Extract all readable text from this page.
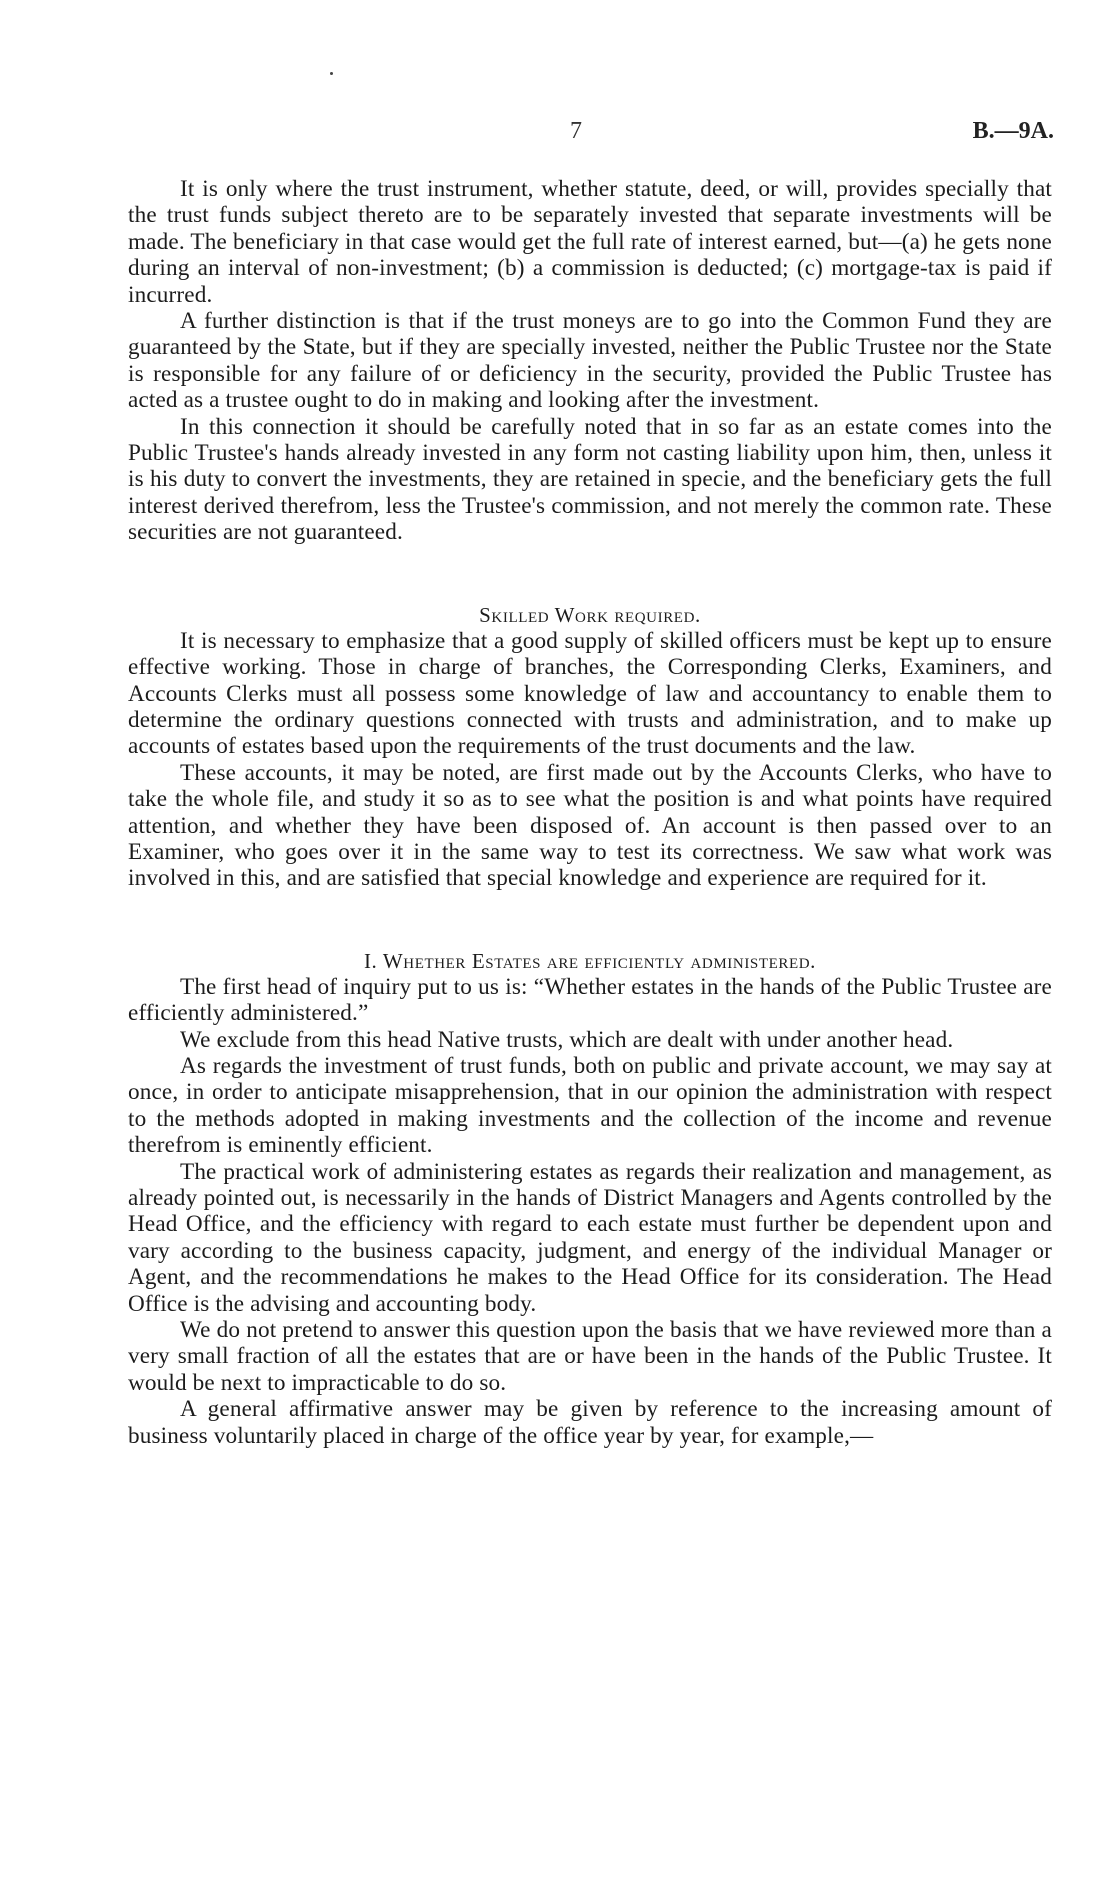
7	B.—9A.

It is only where the trust instrument, whether statute, deed, or will, provides specially that the trust funds subject thereto are to be separately invested that separate investments will be made. The beneficiary in that case would get the full rate of interest earned, but—(a) he gets none during an interval of non-investment; (b) a commission is deducted; (c) mortgage-tax is paid if incurred.

A further distinction is that if the trust moneys are to go into the Common Fund they are guaranteed by the State, but if they are specially invested, neither the Public Trustee nor the State is responsible for any failure of or deficiency in the security, provided the Public Trustee has acted as a trustee ought to do in making and looking after the investment.

In this connection it should be carefully noted that in so far as an estate comes into the Public Trustee's hands already invested in any form not casting liability upon him, then, unless it is his duty to convert the investments, they are retained in specie, and the beneficiary gets the full interest derived therefrom, less the Trustee's commission, and not merely the common rate. These securities are not guaranteed.

Skilled Work required.

It is necessary to emphasize that a good supply of skilled officers must be kept up to ensure effective working. Those in charge of branches, the Corresponding Clerks, Examiners, and Accounts Clerks must all possess some knowledge of law and accountancy to enable them to determine the ordinary questions connected with trusts and administration, and to make up accounts of estates based upon the requirements of the trust documents and the law.

These accounts, it may be noted, are first made out by the Accounts Clerks, who have to take the whole file, and study it so as to see what the position is and what points have required attention, and whether they have been disposed of. An account is then passed over to an Examiner, who goes over it in the same way to test its correctness. We saw what work was involved in this, and are satisfied that special knowledge and experience are required for it.

I. Whether Estates are efficiently administered.

The first head of inquiry put to us is: “Whether estates in the hands of the Public Trustee are efficiently administered.”

We exclude from this head Native trusts, which are dealt with under another head.

As regards the investment of trust funds, both on public and private account, we may say at once, in order to anticipate misapprehension, that in our opinion the administration with respect to the methods adopted in making investments and the collection of the income and revenue therefrom is eminently efficient.

The practical work of administering estates as regards their realization and management, as already pointed out, is necessarily in the hands of District Managers and Agents controlled by the Head Office, and the efficiency with regard to each estate must further be dependent upon and vary according to the business capacity, judgment, and energy of the individual Manager or Agent, and the recommendations he makes to the Head Office for its consideration. The Head Office is the advising and accounting body.

We do not pretend to answer this question upon the basis that we have reviewed more than a very small fraction of all the estates that are or have been in the hands of the Public Trustee. It would be next to impracticable to do so.

A general affirmative answer may be given by reference to the increasing amount of business voluntarily placed in charge of the office year by year, for example,—
